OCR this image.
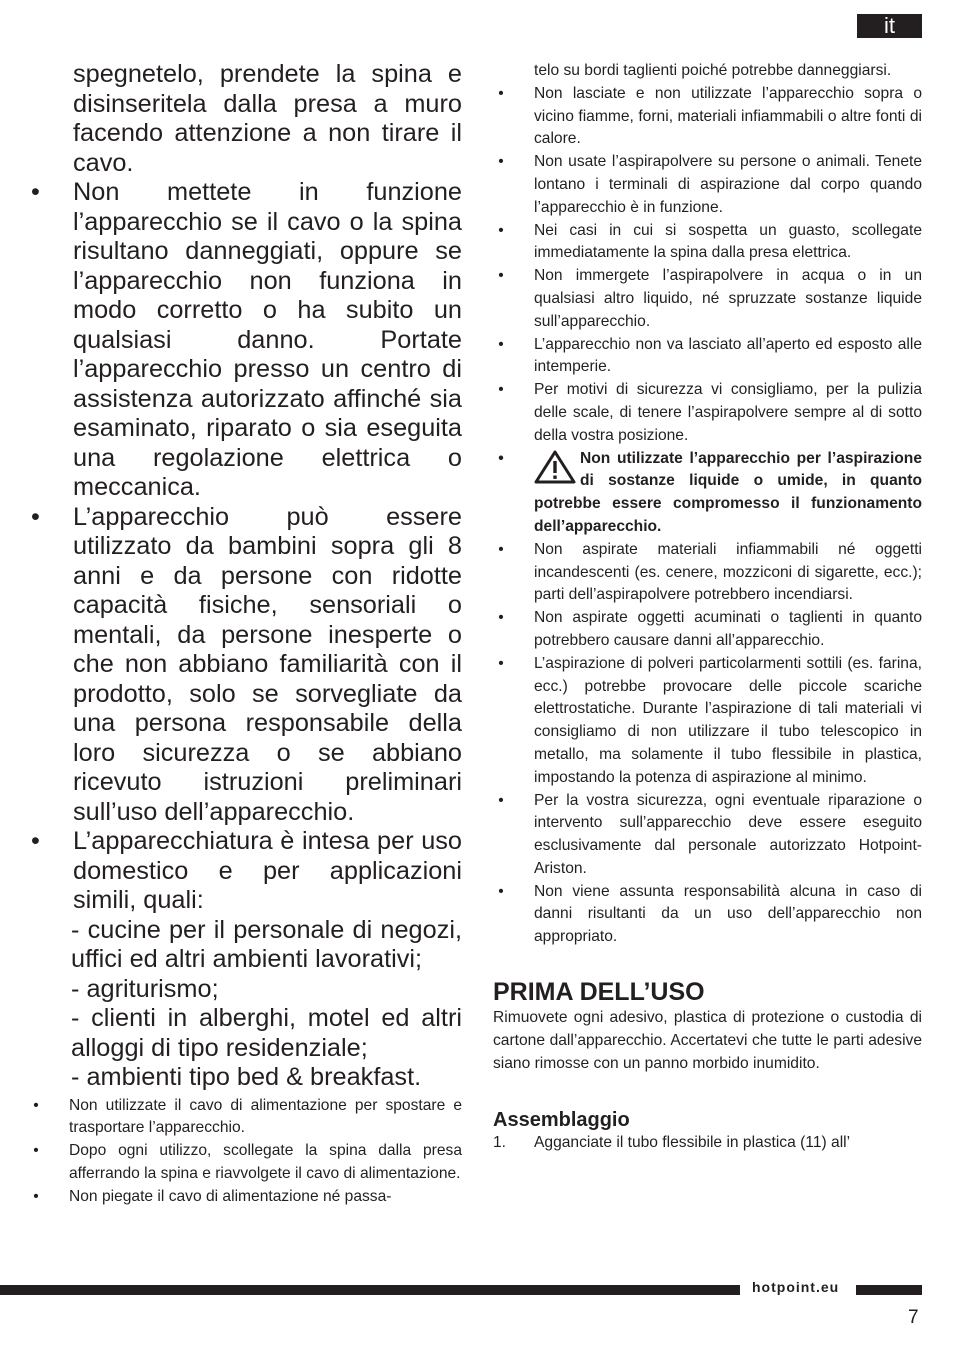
it
spegnetelo, prendete la spina e disinseritela dalla presa a muro facendo attenzione a non tirare il cavo.
• Non mettete in funzione l’apparecchio se il cavo o la spina risultano danneggiati, oppure se l’apparecchio non funziona in modo corretto o ha subito un qualsiasi danno. Portate l’apparecchio presso un centro di assistenza autorizzato affinché sia esaminato, riparato o sia eseguita una regolazione elettrica o meccanica.
• L’apparecchio può essere utilizzato da bambini sopra gli 8 anni e da persone con ridotte capacità fisiche, sensoriali o mentali, da persone inesperte o che non abbiano familiarità con il prodotto, solo se sorvegliate da una persona responsabile della loro sicurezza o se abbiano ricevuto istruzioni preliminari sull’uso dell’apparecchio.
• L’apparecchiatura è intesa per uso domestico e per applicazioni simili, quali:
- cucine per il personale di negozi, uffici ed altri ambienti lavorativi;
- agriturismo;
- clienti in alberghi, motel ed altri alloggi di tipo residenziale;
- ambienti tipo bed & breakfast.
•	Non utilizzate il cavo di alimentazione per spostare e trasportare l’apparecchio.
•	Dopo ogni utilizzo, scollegate la spina dalla presa afferrando la spina e riavvolgete il cavo di alimentazione.
•	Non piegate il cavo di alimentazione né passa-
telo su bordi taglienti poiché potrebbe danneggiarsi.
•	Non lasciate e non utilizzate l’apparecchio sopra o vicino fiamme, forni, materiali infiammabili o altre fonti di calore.
•	Non usate l’aspirapolvere su persone o animali. Tenete lontano i terminali di aspirazione dal corpo quando l’apparecchio è in funzione.
•	Nei casi in cui si sospetta un guasto, scollegate immediatamente la spina dalla presa elettrica.
•	Non immergete l’aspirapolvere in acqua o in un qualsiasi altro liquido, né spruzzate sostanze liquide sull’apparecchio.
•	L’apparecchio non va lasciato all’aperto ed esposto alle intemperie.
•	Per motivi di sicurezza vi consigliamo, per la pulizia delle scale, di tenere l’aspirapolvere sempre al di sotto della vostra posizione.
•	Non utilizzate l’apparecchio per l’aspirazione di sostanze liquide o umide, in quanto potrebbe essere compromesso il funzionamento dell’apparecchio.
•	Non aspirate materiali infiammabili né oggetti incandescenti (es. cenere, mozziconi di sigarette, ecc.); parti dell’aspirapolvere potrebbero incendiarsi.
•	Non aspirate oggetti acuminati o taglienti in quanto potrebbero causare danni all’apparecchio.
•	L’aspirazione di polveri particolarmenti sottili (es. farina, ecc.) potrebbe provocare delle piccole scariche elettrostatiche. Durante l’aspirazione di tali materiali vi consigliamo di non utilizzare il tubo telescopico in metallo, ma solamente il tubo flessibile in plastica, impostando la potenza di aspirazione al minimo.
•	Per la vostra sicurezza, ogni eventuale riparazione o intervento sull’apparecchio deve essere eseguito esclusivamente dal personale autorizzato Hotpoint-Ariston.
•	Non viene assunta responsabilità alcuna in caso di danni risultanti da un uso dell’apparecchio non appropriato.
PRIMA DELL’USO

Rimuovete ogni adesivo, plastica di protezione o custodia di cartone dall’apparecchio. Accertatevi che tutte le parti adesive siano rimosse con un panno morbido inumidito.

Assemblaggio
1. Agganciate il tubo flessibile in plastica (11) all’
hotpoint.eu
7
